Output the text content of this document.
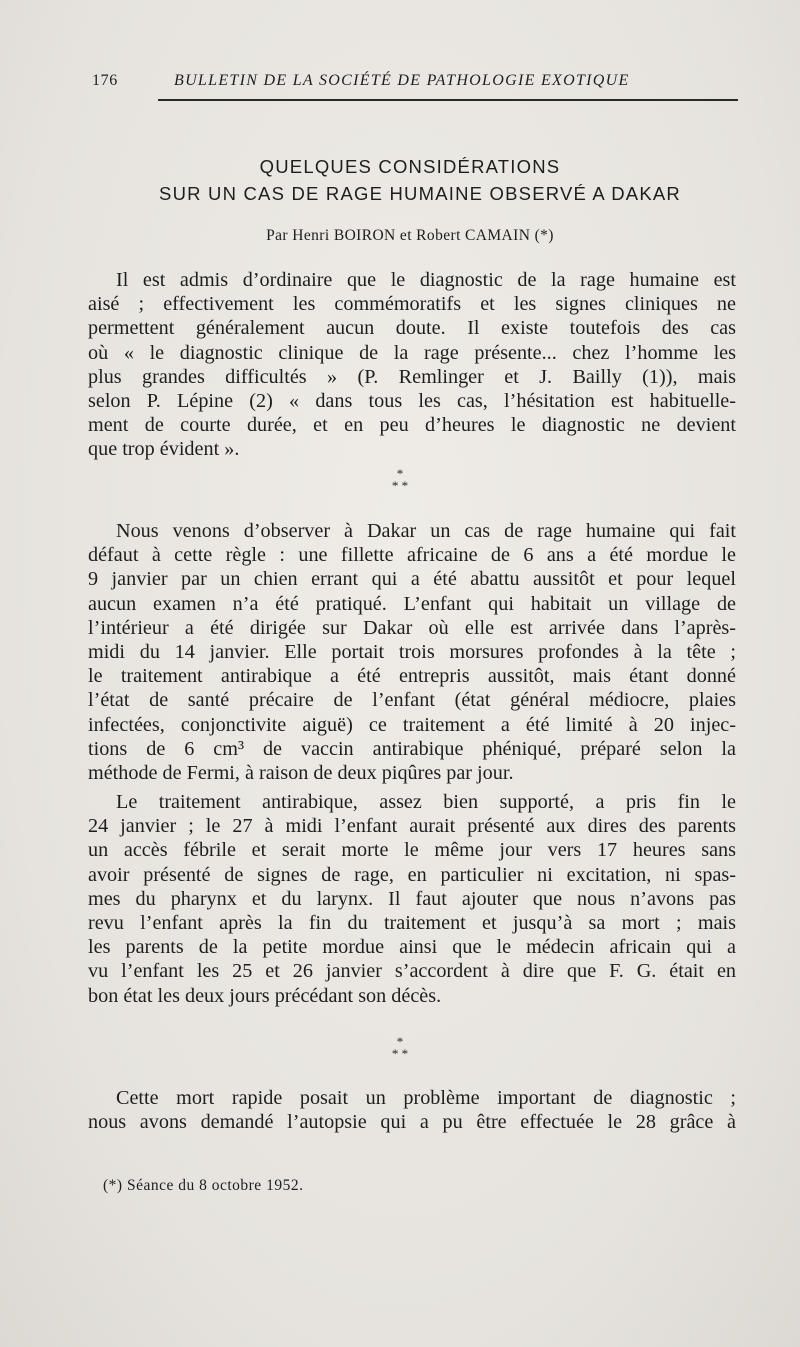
176	BULLETIN DE LA SOCIÉTÉ DE PATHOLOGIE EXOTIQUE
QUELQUES CONSIDÉRATIONS
SUR UN CAS DE RAGE HUMAINE OBSERVÉ A DAKAR
Par Henri BOIRON et Robert CAMAIN (*)
Il est admis d’ordinaire que le diagnostic de la rage humaine est
aisé ; effectivement les commémoratifs et les signes cliniques ne
permettent généralement aucun doute. Il existe toutefois des cas
où « le diagnostic clinique de la rage présente... chez l’homme les
plus grandes difficultés » (P. Remlinger et J. Bailly (1)), mais
selon P. Lépine (2) « dans tous les cas, l’hésitation est habituelle-
ment de courte durée, et en peu d’heures le diagnostic ne devient
que trop évident ».
*
* *
Nous venons d’observer à Dakar un cas de rage humaine qui fait
défaut à cette règle : une fillette africaine de 6 ans a été mordue le
9 janvier par un chien errant qui a été abattu aussitôt et pour lequel
aucun examen n’a été pratiqué. L’enfant qui habitait un village de
l’intérieur a été dirigée sur Dakar où elle est arrivée dans l’après-
midi du 14 janvier. Elle portait trois morsures profondes à la tête ;
le traitement antirabique a été entrepris aussitôt, mais étant donné
l’état de santé précaire de l’enfant (état général médiocre, plaies
infectées, conjonctivite aiguë) ce traitement a été limité à 20 injec-
tions de 6 cm³ de vaccin antirabique phéniqué, préparé selon la
méthode de Fermi, à raison de deux piqûres par jour.
Le traitement antirabique, assez bien supporté, a pris fin le
24 janvier ; le 27 à midi l’enfant aurait présenté aux dires des parents
un accès fébrile et serait morte le même jour vers 17 heures sans
avoir présenté de signes de rage, en particulier ni excitation, ni spas-
mes du pharynx et du larynx. Il faut ajouter que nous n’avons pas
revu l’enfant après la fin du traitement et jusqu’à sa mort ; mais
les parents de la petite mordue ainsi que le médecin africain qui a
vu l’enfant les 25 et 26 janvier s’accordent à dire que F. G. était en
bon état les deux jours précédant son décès.
*
* *
Cette mort rapide posait un problème important de diagnostic ;
nous avons demandé l’autopsie qui a pu être effectuée le 28 grâce à
(*) Séance du 8 octobre 1952.
